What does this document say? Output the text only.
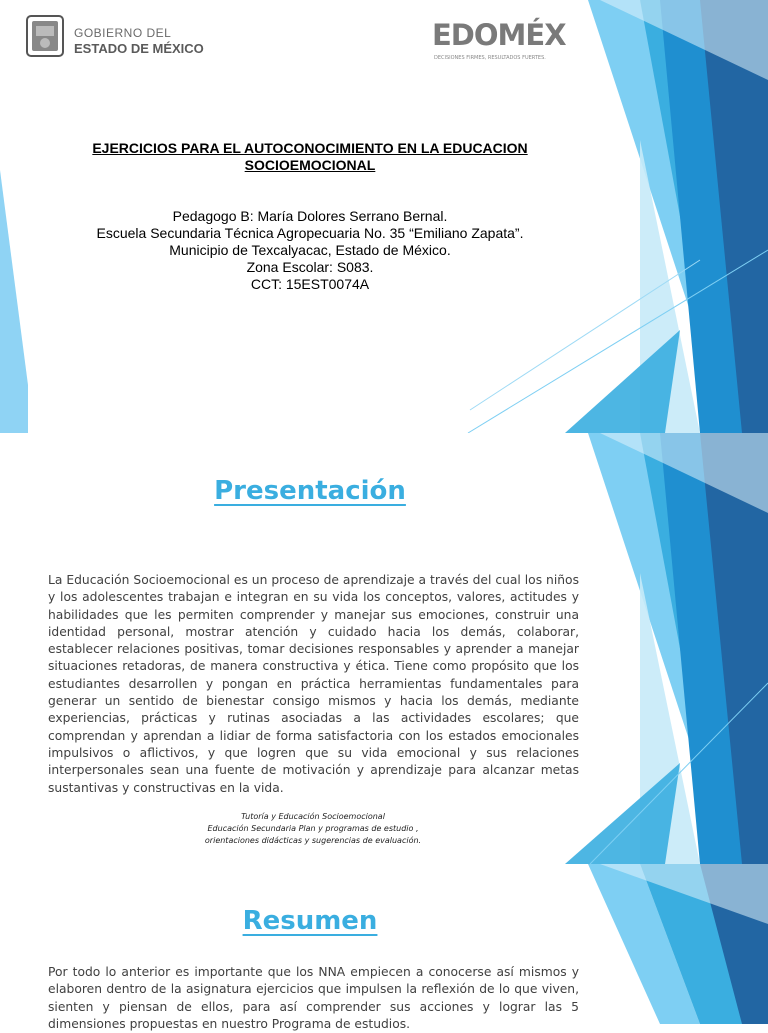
GOBIERNO DEL
ESTADO DE MÉXICO	EDOMÉX
DECISIONES FIRMES, RESULTADOS FUERTES.
EJERCICIOS PARA EL AUTOCONOCIMIENTO EN LA EDUCACION
SOCIOEMOCIONAL
Pedagogo B: María Dolores Serrano Bernal.
Escuela Secundaria Técnica Agropecuaria No. 35 “Emiliano Zapata”.
Municipio de Texcalyacac, Estado de México.
Zona Escolar: S083.
CCT: 15EST0074A
Presentación
La Educación Socioemocional es un proceso de aprendizaje a través del cual los niños y los adolescentes trabajan e integran en su vida los conceptos, valores, actitudes y habilidades que les permiten comprender y manejar sus emociones, construir una identidad personal, mostrar atención y cuidado hacia los demás, colaborar, establecer relaciones positivas, tomar decisiones responsables y aprender a manejar situaciones retadoras, de manera constructiva y ética. Tiene como propósito que los estudiantes desarrollen y pongan en práctica herramientas fundamentales para generar un sentido de bienestar consigo mismos y hacia los demás, mediante experiencias, prácticas y rutinas asociadas a las actividades escolares; que comprendan y aprendan a lidiar de forma satisfactoria con los estados emocionales impulsivos o aflictivos, y que logren que su vida emocional y sus relaciones interpersonales sean una fuente de motivación y aprendizaje para alcanzar metas sustantivas y constructivas en la vida.
Tutoría y Educación Socioemocional
Educación Secundaria Plan y programas de estudio ,
orientaciones didácticas y sugerencias de evaluación.
Resumen
Por todo lo anterior es importante que los NNA empiecen a conocerse así mismos y elaboren dentro de la asignatura ejercicios que impulsen la reflexión de lo que viven, sienten y piensan de ellos, para así comprender sus acciones y lograr las 5 dimensiones propuestas en nuestro Programa de estudios.
